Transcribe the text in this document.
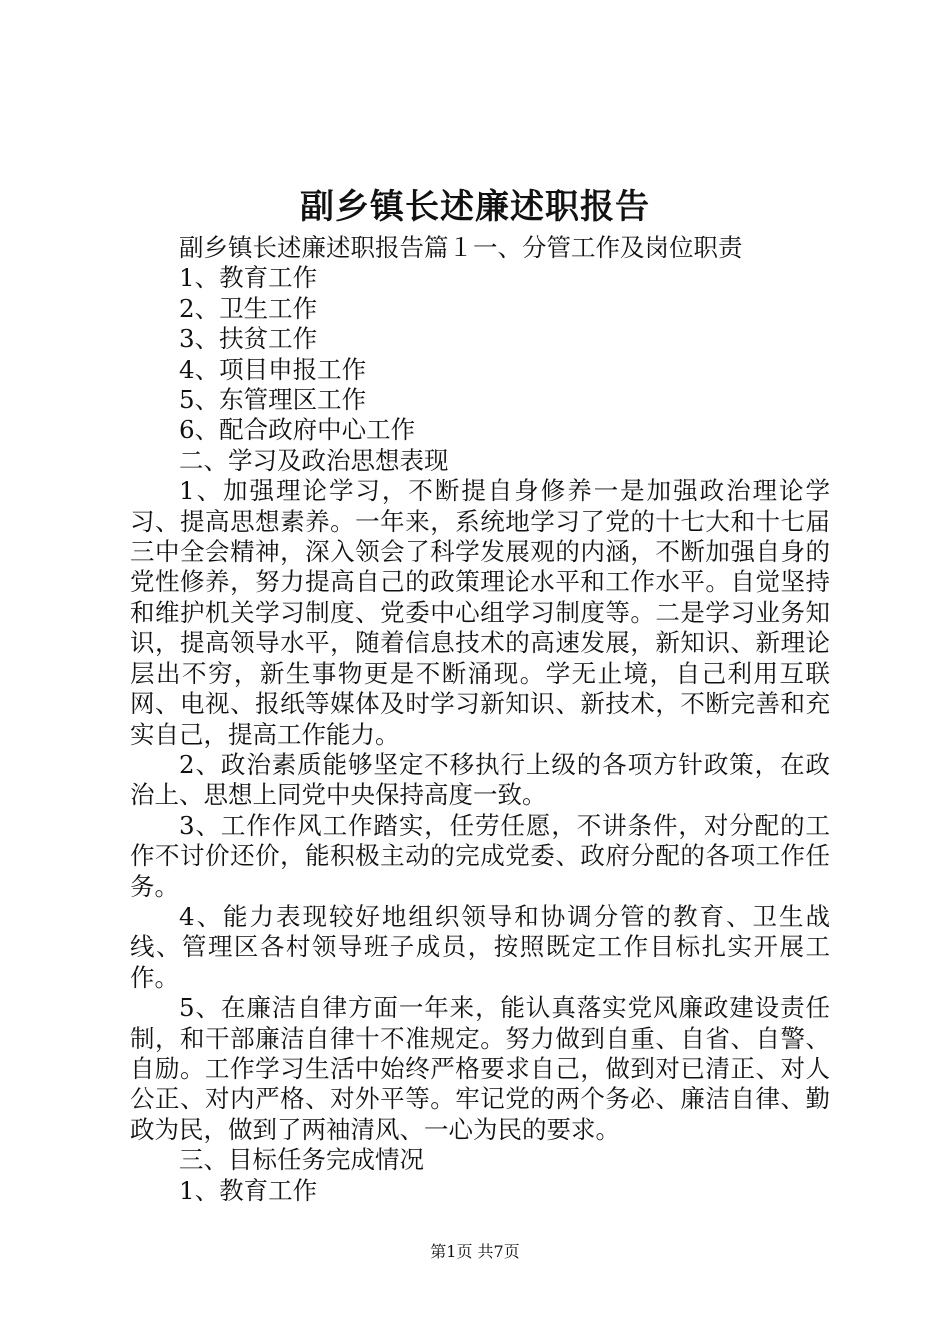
副乡镇长述廉述职报告

副乡镇长述廉述职报告篇１一、分管工作及岗位职责

1、教育工作

2、卫生工作

3、扶贫工作

4、项目申报工作

5、东管理区工作

6、配合政府中心工作

二、学习及政治思想表现

1、加强理论学习，不断提自身修养一是加强政治理论学习、提高思想素养。一年来，系统地学习了党的十七大和十七届三中全会精神，深入领会了科学发展观的内涵，不断加强自身的党性修养，努力提高自己的政策理论水平和工作水平。自觉坚持和维护机关学习制度、党委中心组学习制度等。二是学习业务知识，提高领导水平，随着信息技术的高速发展，新知识、新理论层出不穷，新生事物更是不断涌现。学无止境，自己利用互联网、电视、报纸等媒体及时学习新知识、新技术，不断完善和充实自己，提高工作能力。

2、政治素质能够坚定不移执行上级的各项方针政策，在政治上、思想上同党中央保持高度一致。

3、工作作风工作踏实，任劳任愿，不讲条件，对分配的工作不讨价还价，能积极主动的完成党委、政府分配的各项工作任务。

4、能力表现较好地组织领导和协调分管的教育、卫生战线、管理区各村领导班子成员，按照既定工作目标扎实开展工作。

5、在廉洁自律方面一年来，能认真落实党风廉政建设责任制，和干部廉洁自律十不准规定。努力做到自重、自省、自警、自励。工作学习生活中始终严格要求自己，做到对已清正、对人公正、对内严格、对外平等。牢记党的两个务必、廉洁自律、勤政为民，做到了两袖清风、一心为民的要求。

三、目标任务完成情况

1、教育工作

第1页 共7页
